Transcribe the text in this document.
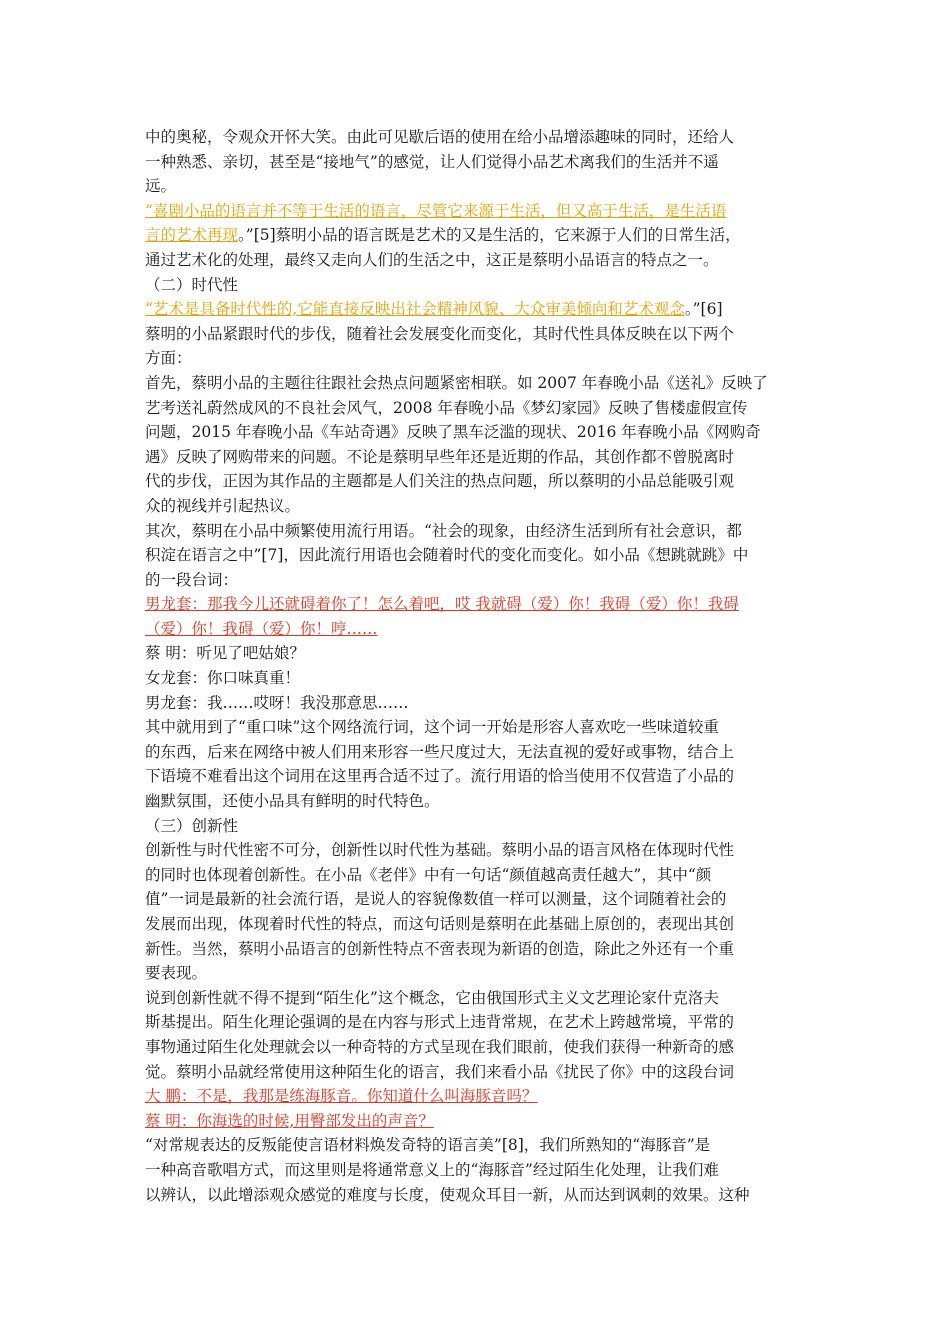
中的奥秘，令观众开怀大笑。由此可见歇后语的使用在给小品增添趣味的同时，还给人
一种熟悉、亲切，甚至是“接地气”的感觉，让人们觉得小品艺术离我们的生活并不遥
远。
“喜剧小品的语言并不等于生活的语言，尽管它来源于生活，但又高于生活，是生活语
言的艺术再现。”[5]蔡明小品的语言既是艺术的又是生活的，它来源于人们的日常生活，
通过艺术化的处理，最终又走向人们的生活之中，这正是蔡明小品语言的特点之一。
（二）时代性
“艺术是具备时代性的,它能直接反映出社会精神风貌、大众审美倾向和艺术观念。”[6]
蔡明的小品紧跟时代的步伐，随着社会发展变化而变化，其时代性具体反映在以下两个
方面：
首先，蔡明小品的主题往往跟社会热点问题紧密相联。如 2007 年春晚小品《送礼》反映了
艺考送礼蔚然成风的不良社会风气，2008 年春晚小品《梦幻家园》反映了售楼虚假宣传
问题，2015 年春晚小品《车站奇遇》反映了黑车泛滥的现状、2016 年春晚小品《网购奇
遇》反映了网购带来的问题。不论是蔡明早些年还是近期的作品，其创作都不曾脱离时
代的步伐，正因为其作品的主题都是人们关注的热点问题，所以蔡明的小品总能吸引观
众的视线并引起热议。
其次，蔡明在小品中频繁使用流行用语。“社会的现象，由经济生活到所有社会意识，都
积淀在语言之中”[7]，因此流行用语也会随着时代的变化而变化。如小品《想跳就跳》中
的一段台词：
男龙套：那我今儿还就碍着你了！怎么着吧，哎 我就碍（爱）你！我碍（爱）你！我碍
（爱）你！我碍（爱）你！哼……
蔡 明：听见了吧姑娘？
女龙套：你口味真重！
男龙套：我……哎呀！我没那意思……
其中就用到了“重口味”这个网络流行词，这个词一开始是形容人喜欢吃一些味道较重
的东西，后来在网络中被人们用来形容一些尺度过大，无法直视的爱好或事物，结合上
下语境不难看出这个词用在这里再合适不过了。流行用语的恰当使用不仅营造了小品的
幽默氛围，还使小品具有鲜明的时代特色。
（三）创新性
创新性与时代性密不可分，创新性以时代性为基础。蔡明小品的语言风格在体现时代性
的同时也体现着创新性。在小品《老伴》中有一句话“颜值越高责任越大”，其中“颜
值”一词是最新的社会流行语，是说人的容貌像数值一样可以测量，这个词随着社会的
发展而出现，体现着时代性的特点，而这句话则是蔡明在此基础上原创的，表现出其创
新性。当然，蔡明小品语言的创新性特点不啻表现为新语的创造，除此之外还有一个重
要表现。
说到创新性就不得不提到“陌生化”这个概念，它由俄国形式主义文艺理论家什克洛夫
斯基提出。陌生化理论强调的是在内容与形式上违背常规，在艺术上跨越常境，平常的
事物通过陌生化处理就会以一种奇特的方式呈现在我们眼前，使我们获得一种新奇的感
觉。蔡明小品就经常使用这种陌生化的语言，我们来看小品《扰民了你》中的这段台词
大 鹏：不是，我那是练海豚音。你知道什么叫海豚音吗？
蔡 明：你海选的时候,用臀部发出的声音？
“对常规表达的反叛能使言语材料焕发奇特的语言美”[8]，我们所熟知的“海豚音”是
一种高音歌唱方式，而这里则是将通常意义上的“海豚音”经过陌生化处理，让我们难
以辨认，以此增添观众感觉的难度与长度，使观众耳目一新，从而达到讽刺的效果。这种
